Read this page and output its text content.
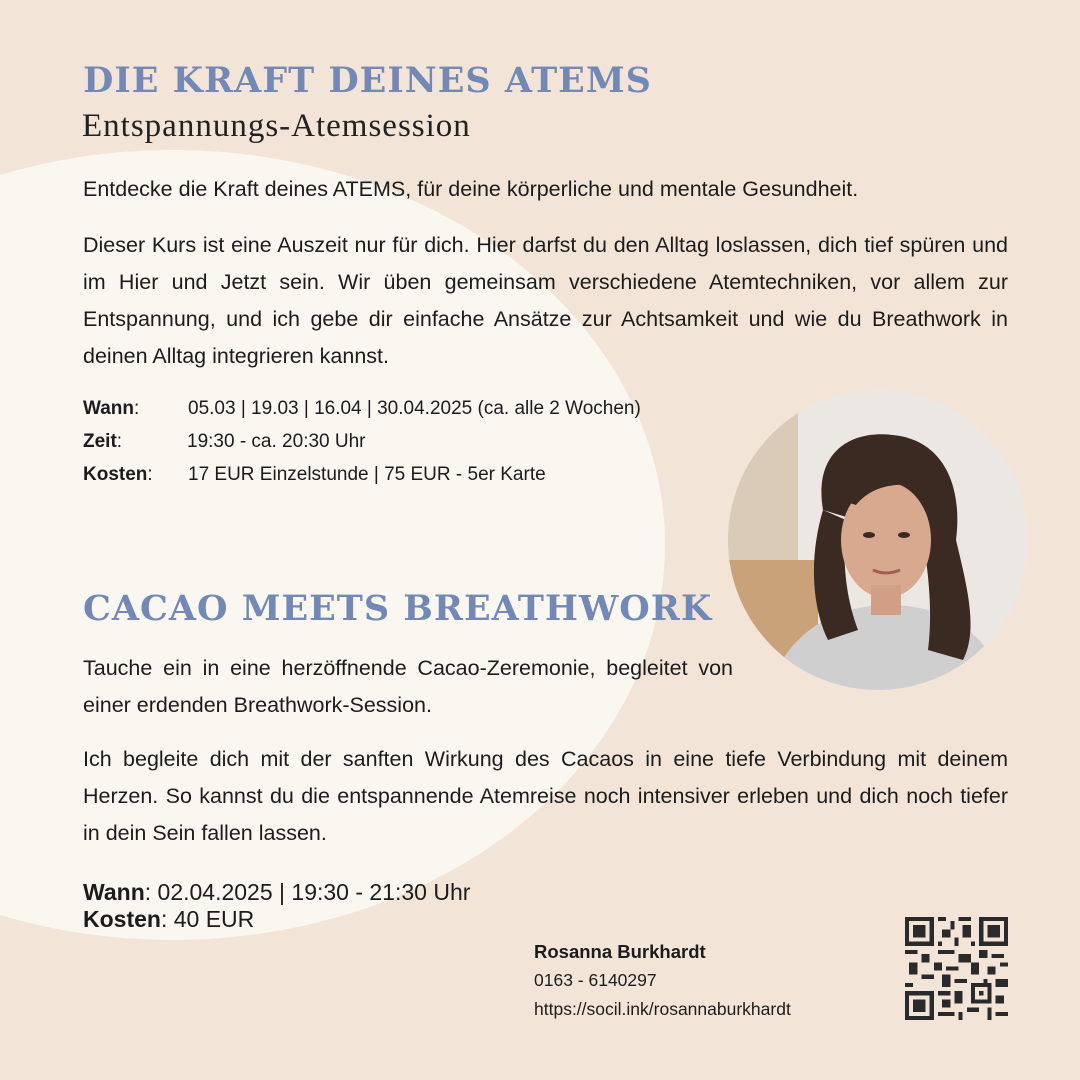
DIE KRAFT DEINES ATEMS
Entspannungs-Atemsession
Entdecke die Kraft deines ATEMS, für deine körperliche und mentale Gesundheit.
Dieser Kurs ist eine Auszeit nur für dich. Hier darfst du den Alltag loslassen, dich tief spüren und im Hier und Jetzt sein. Wir üben gemeinsam verschiedene Atemtechniken, vor allem zur Entspannung, und ich gebe dir einfache Ansätze zur Achtsamkeit und wie du Breathwork in deinen Alltag integrieren kannst.
Wann:	05.03 | 19.03 | 16.04 | 30.04.2025 (ca. alle 2 Wochen)
Zeit:	19:30 - ca. 20:30 Uhr
Kosten:	17 EUR Einzelstunde | 75 EUR - 5er Karte
CACAO MEETS BREATHWORK
Tauche ein in eine herzöffnende Cacao-Zeremonie, begleitet von einer erdenden Breathwork-Session.
Ich begleite dich mit der sanften Wirkung des Cacaos in eine tiefe Verbindung mit deinem Herzen. So kannst du die entspannende Atemreise noch intensiver erleben und dich noch tiefer in dein Sein fallen lassen.
Wann: 02.04.2025 | 19:30 - 21:30 Uhr
Kosten: 40 EUR
Rosanna Burkhardt
0163 - 6140297
https://socil.ink/rosannaburkhardt
